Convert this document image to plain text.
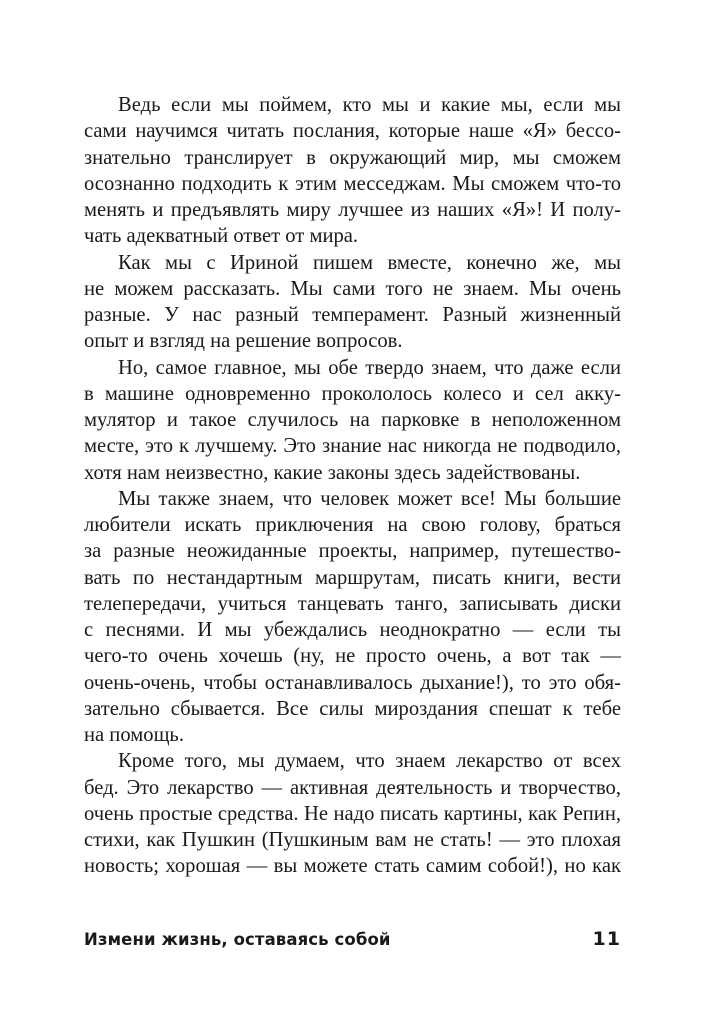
Ведь если мы поймем, кто мы и какие мы, если мы
сами научимся читать послания, которые наше «Я» бессо-
знательно транслирует в окружающий мир, мы сможем
осознанно подходить к этим месседжам. Мы сможем что-то
менять и предъявлять миру лучшее из наших «Я»! И полу-
чать адекватный ответ от мира.
Как мы с Ириной пишем вместе, конечно же, мы
не можем рассказать. Мы сами того не знаем. Мы очень
разные. У нас разный темперамент. Разный жизненный
опыт и взгляд на решение вопросов.
Но, самое главное, мы обе твердо знаем, что даже если
в машине одновременно прокололось колесо и сел акку-
мулятор и такое случилось на парковке в неположенном
месте, это к лучшему. Это знание нас никогда не подводило,
хотя нам неизвестно, какие законы здесь задействованы.
Мы также знаем, что человек может все! Мы большие
любители искать приключения на свою голову, браться
за разные неожиданные проекты, например, путешество-
вать по нестандартным маршрутам, писать книги, вести
телепередачи, учиться танцевать танго, записывать диски
с песнями. И мы убеждались неоднократно — если ты
чего-то очень хочешь (ну, не просто очень, а вот так —
очень-очень, чтобы останавливалось дыхание!), то это обя-
зательно сбывается. Все силы мироздания спешат к тебе
на помощь.
Кроме того, мы думаем, что знаем лекарство от всех
бед. Это лекарство — активная деятельность и творчество,
очень простые средства. Не надо писать картины, как Репин,
стихи, как Пушкин (Пушкиным вам не стать! — это плохая
новость; хорошая — вы можете стать самим собой!), но как
Измени жизнь, оставаясь собой	11
